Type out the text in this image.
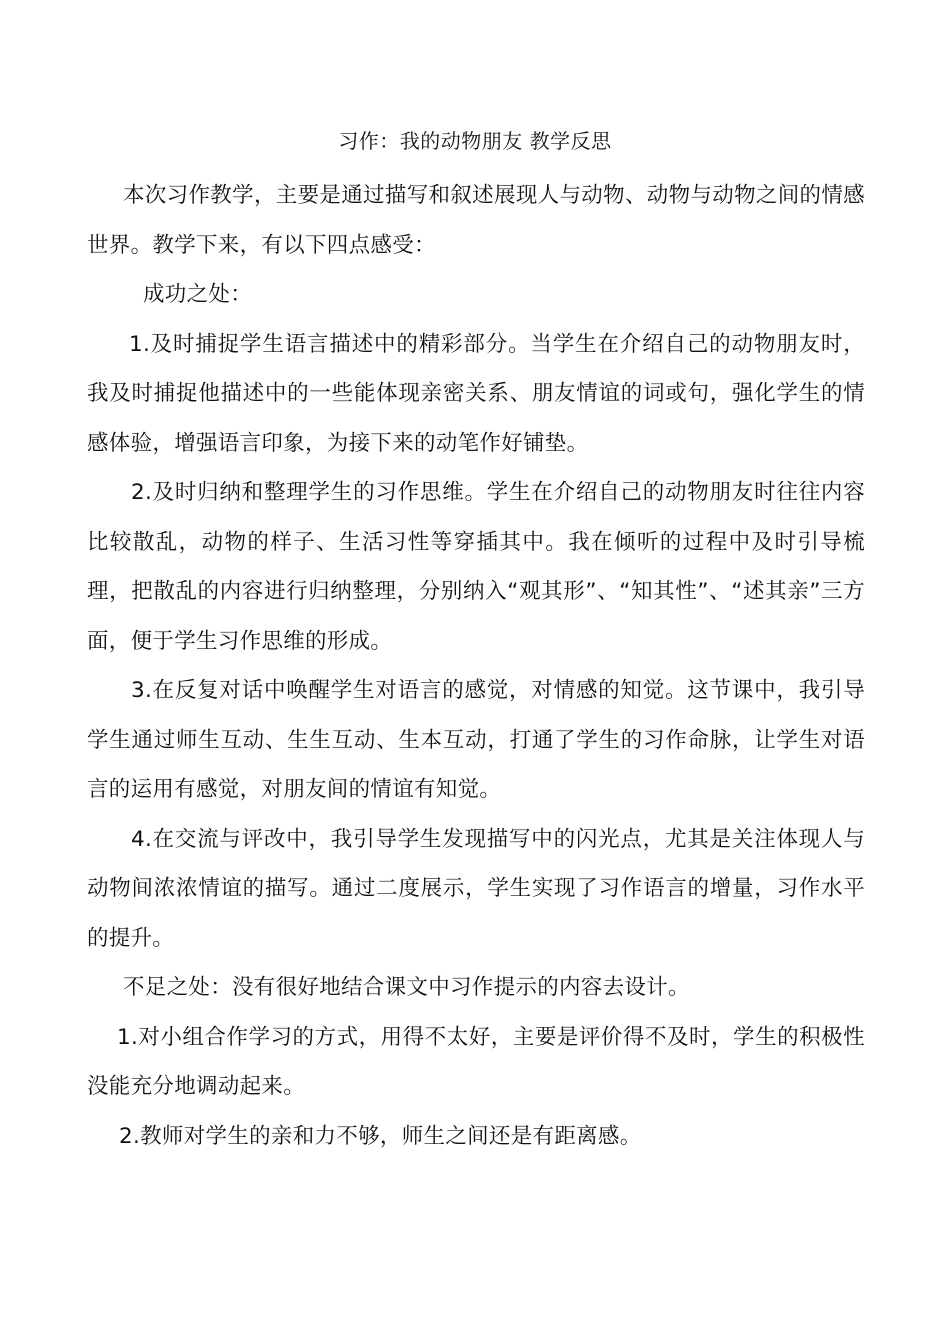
习作：我的动物朋友 教学反思

本次习作教学，主要是通过描写和叙述展现人与动物、动物与动物之间的情感世界。教学下来，有以下四点感受：

成功之处：

1.及时捕捉学生语言描述中的精彩部分。当学生在介绍自己的动物朋友时，我及时捕捉他描述中的一些能体现亲密关系、朋友情谊的词或句，强化学生的情感体验，增强语言印象，为接下来的动笔作好铺垫。

2.及时归纳和整理学生的习作思维。学生在介绍自己的动物朋友时往往内容比较散乱，动物的样子、生活习性等穿插其中。我在倾听的过程中及时引导梳理，把散乱的内容进行归纳整理，分别纳入“观其形”、“知其性”、“述其亲”三方面，便于学生习作思维的形成。

3.在反复对话中唤醒学生对语言的感觉，对情感的知觉。这节课中，我引导学生通过师生互动、生生互动、生本互动，打通了学生的习作命脉，让学生对语言的运用有感觉，对朋友间的情谊有知觉。

4.在交流与评改中，我引导学生发现描写中的闪光点，尤其是关注体现人与动物间浓浓情谊的描写。通过二度展示，学生实现了习作语言的增量，习作水平的提升。

不足之处：没有很好地结合课文中习作提示的内容去设计。

1.对小组合作学习的方式，用得不太好，主要是评价得不及时，学生的积极性没能充分地调动起来。

2.教师对学生的亲和力不够，师生之间还是有距离感。
